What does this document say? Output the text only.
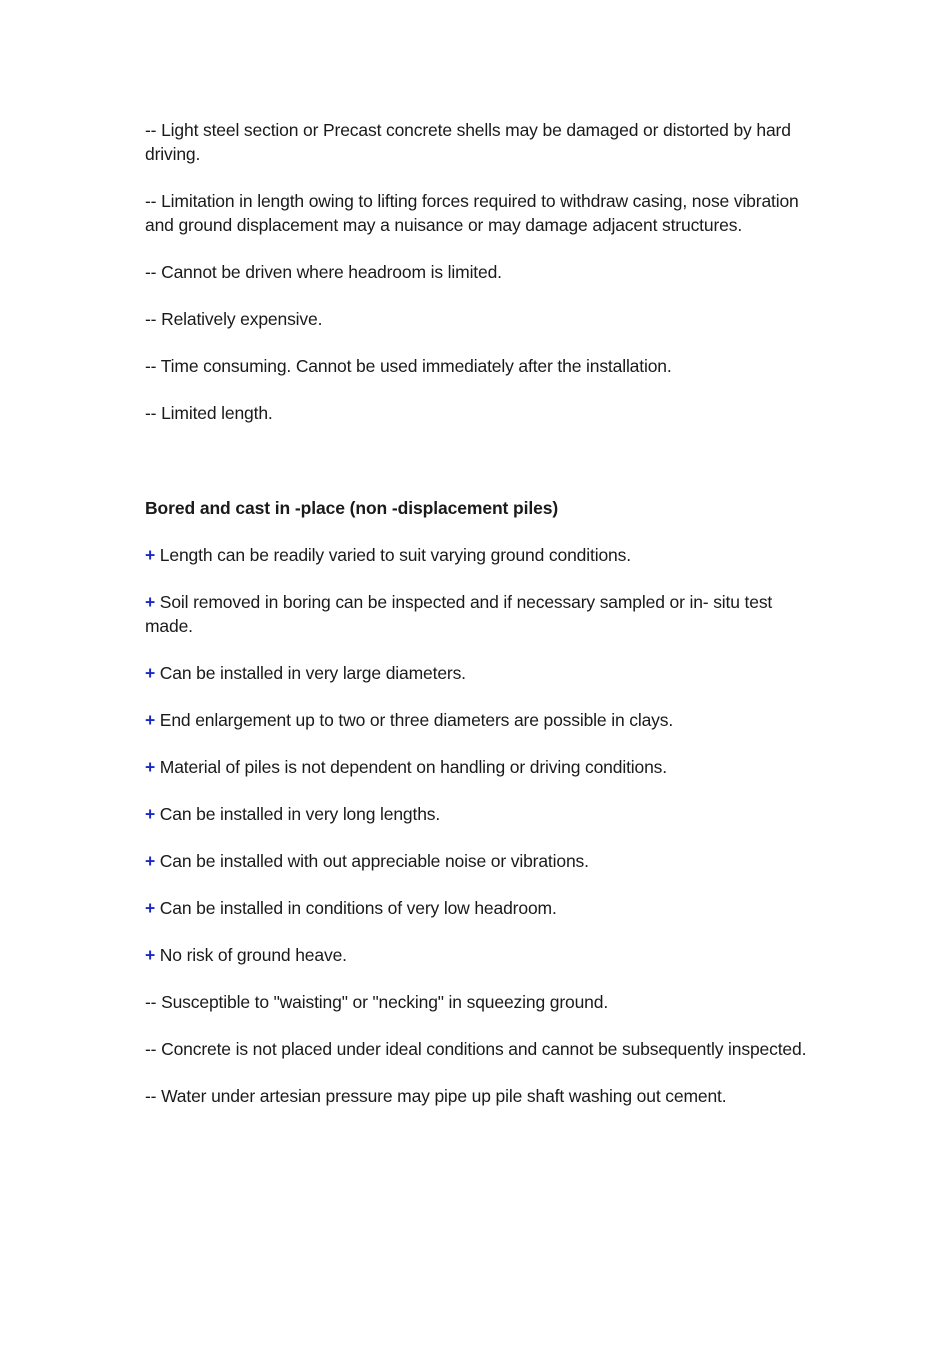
-- Light steel section or Precast concrete shells may be damaged or distorted by hard driving.

-- Limitation in length owing to lifting forces required to withdraw casing, nose vibration and ground displacement may a nuisance or may damage adjacent structures.

-- Cannot be driven where headroom is limited.

-- Relatively expensive.

-- Time consuming. Cannot be used immediately after the installation.

-- Limited length.

Bored and cast in -place (non -displacement piles)

+ Length can be readily varied to suit varying ground conditions.

+ Soil removed in boring can be inspected and if necessary sampled or in- situ test made.

+ Can be installed in very large diameters.

+ End enlargement up to two or three diameters are possible in clays.

+ Material of piles is not dependent on handling or driving conditions.

+ Can be installed in very long lengths.

+ Can be installed with out appreciable noise or vibrations.

+ Can be installed in conditions of very low headroom.

+ No risk of ground heave.

-- Susceptible to "waisting" or "necking" in squeezing ground.

-- Concrete is not placed under ideal conditions and cannot be subsequently inspected.

-- Water under artesian pressure may pipe up pile shaft washing out cement.
